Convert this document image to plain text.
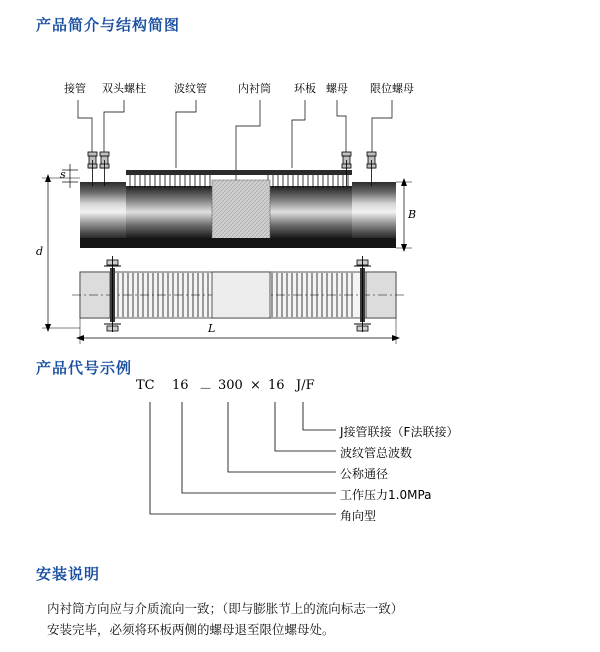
产品简介与结构简图
接管 双头螺柱	波纹管	内衬筒 环板 螺母 限位螺母
s
d
B
L
产品代号示例
TC 16 － 300 × 16 J/F
J接管联接（F法联接）
波纹管总波数
公称通径
工作压力1.0MPa
角向型
安装说明
内衬筒方向应与介质流向一致；（即与膨胀节上的流向标志一致）
安装完毕，必须将环板两侧的螺母退至限位螺母处。
